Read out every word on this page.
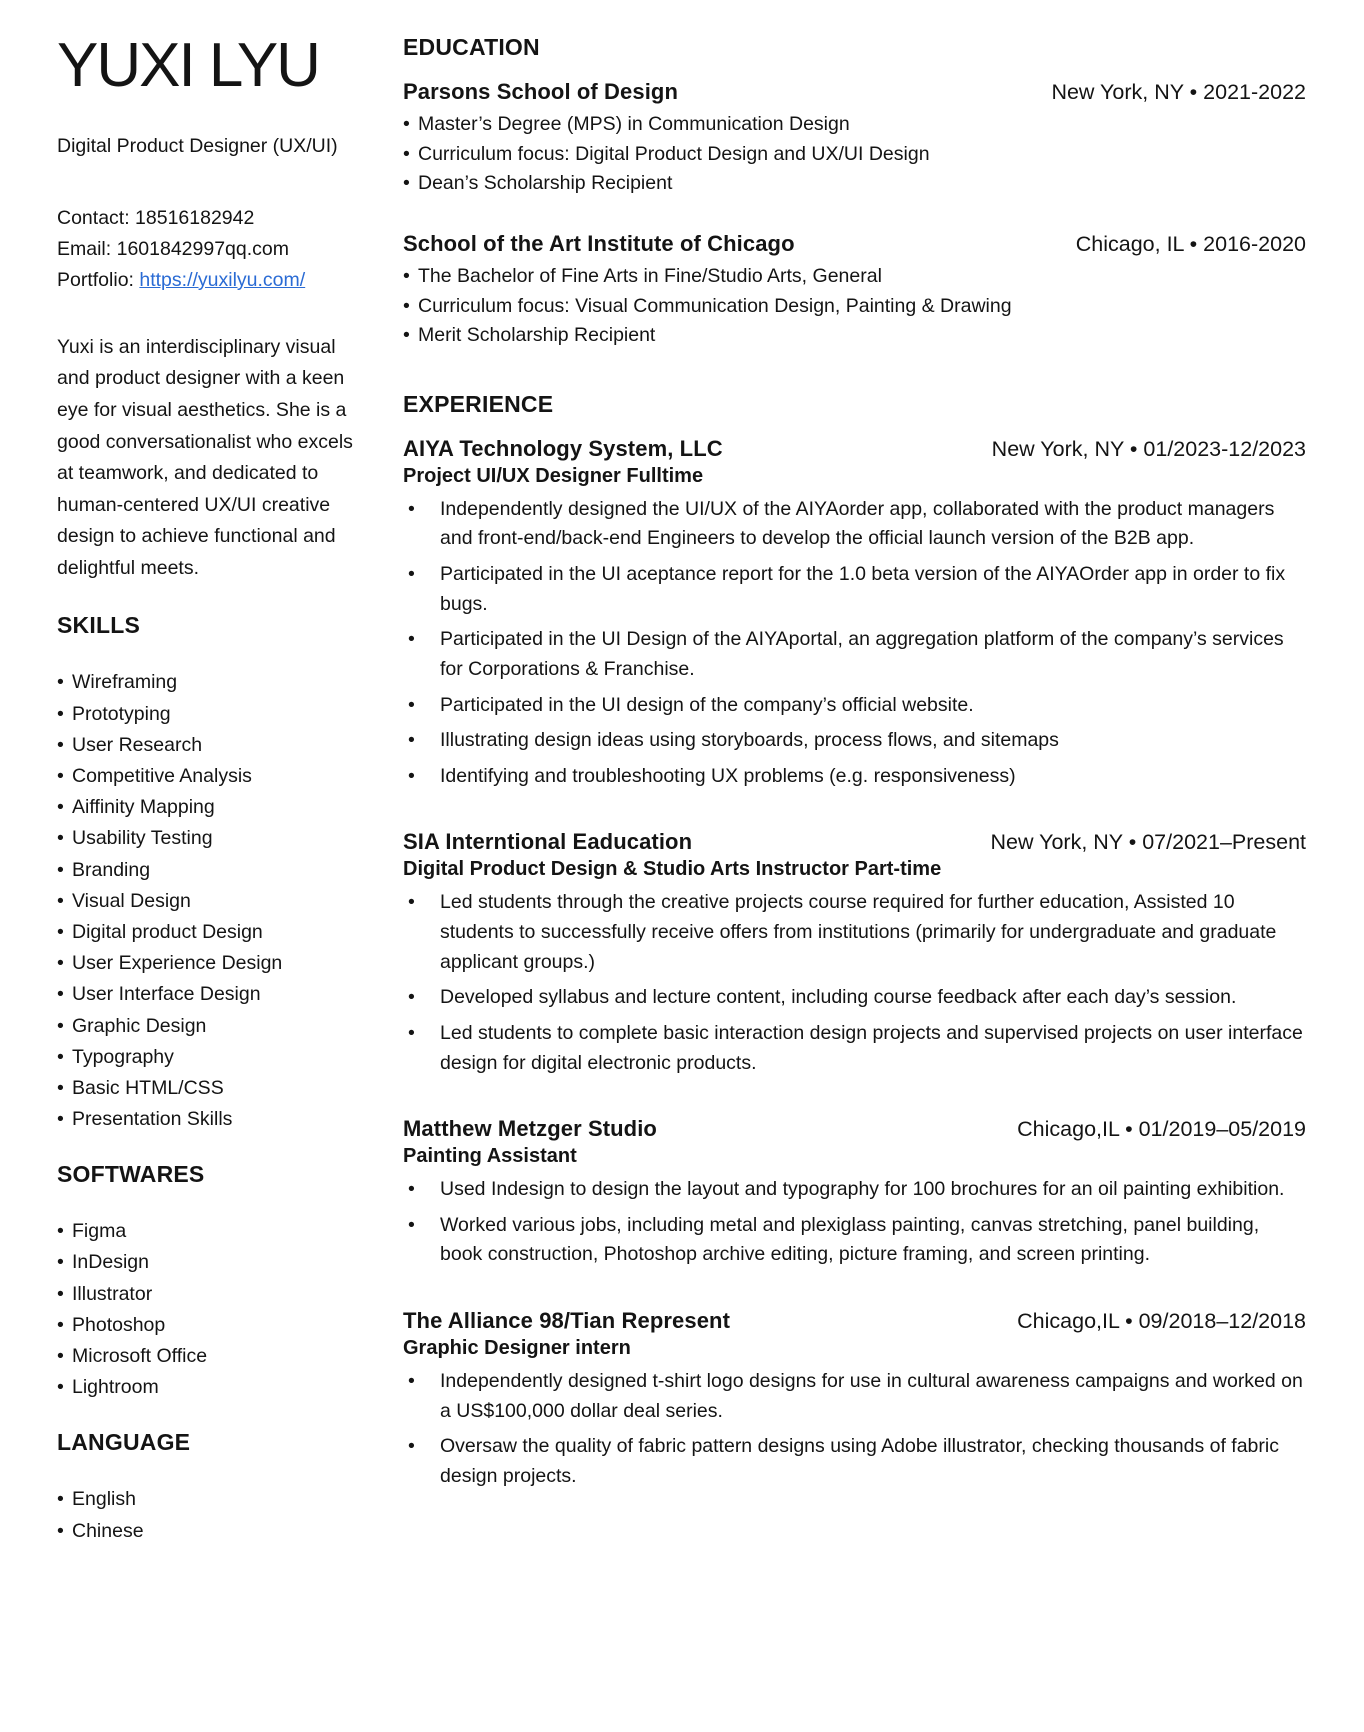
YUXI LYU

Digital Product Designer (UX/UI)

Contact: 18516182942

Email: 1601842997qq.com

Portfolio: https://yuxilyu.com/

Yuxi is an interdisciplinary visual and product designer with a keen eye for visual aesthetics. She is a good conversationalist who excels at teamwork, and dedicated to human-centered UX/UI creative design to achieve functional and delightful meets.

SKILLS
• Wireframing
• Prototyping
• User Research
• Competitive Analysis
• Aiffinity Mapping
• Usability Testing
• Branding
• Visual Design
• Digital product Design
• User Experience Design
• User Interface Design
• Graphic Design
• Typography
• Basic HTML/CSS
• Presentation Skills
SOFTWARES
• Figma
• InDesign
• Illustrator
• Photoshop
• Microsoft Office
• Lightroom
LANGUAGE
• English
• Chinese
EDUCATION
Parsons School of Design	New York, NY • 2021-2022
• Master’s Degree (MPS) in Communication Design
• Curriculum focus: Digital Product Design and UX/UI Design
• Dean’s Scholarship Recipient
School of the Art Institute of Chicago	Chicago, IL • 2016-2020
• The Bachelor of Fine Arts in Fine/Studio Arts, General
• Curriculum focus: Visual Communication Design, Painting & Drawing
• Merit Scholarship Recipient
EXPERIENCE
AIYA Technology System, LLC	New York, NY • 01/2023-12/2023
Project UI/UX Designer Fulltime
•	Independently designed the UI/UX of the AIYAorder app, collaborated with the product managers and front-end/back-end Engineers to develop the official launch version of the B2B app.
•	Participated in the UI aceptance report for the 1.0 beta version of the AIYAOrder app in order to fix bugs.
•	Participated in the UI Design of the AIYAportal, an aggregation platform of the company’s services for Corporations & Franchise.
•	Participated in the UI design of the company’s official website.
•	Illustrating design ideas using storyboards, process flows, and sitemaps
•	Identifying and troubleshooting UX problems (e.g. responsiveness)
SIA Interntional Eaducation	New York, NY • 07/2021–Present
Digital Product Design & Studio Arts Instructor Part-time
•	Led students through the creative projects course required for further education, Assisted 10 students to successfully receive offers from institutions (primarily for undergraduate and graduate applicant groups.)
•	Developed syllabus and lecture content, including course feedback after each day’s session.
•	Led students to complete basic interaction design projects and supervised projects on user interface design for digital electronic products.
Matthew Metzger Studio	Chicago,IL • 01/2019–05/2019
Painting Assistant
•	Used Indesign to design the layout and typography for 100 brochures for an oil painting exhibition.
•	Worked various jobs, including metal and plexiglass painting, canvas stretching, panel building, book construction, Photoshop archive editing, picture framing, and screen printing.
The Alliance 98/Tian Represent	Chicago,IL • 09/2018–12/2018
Graphic Designer intern
•	Independently designed t-shirt logo designs for use in cultural awareness campaigns and worked on a US$100,000 dollar deal series.
•	Oversaw the quality of fabric pattern designs using Adobe illustrator, checking thousands of fabric design projects.
